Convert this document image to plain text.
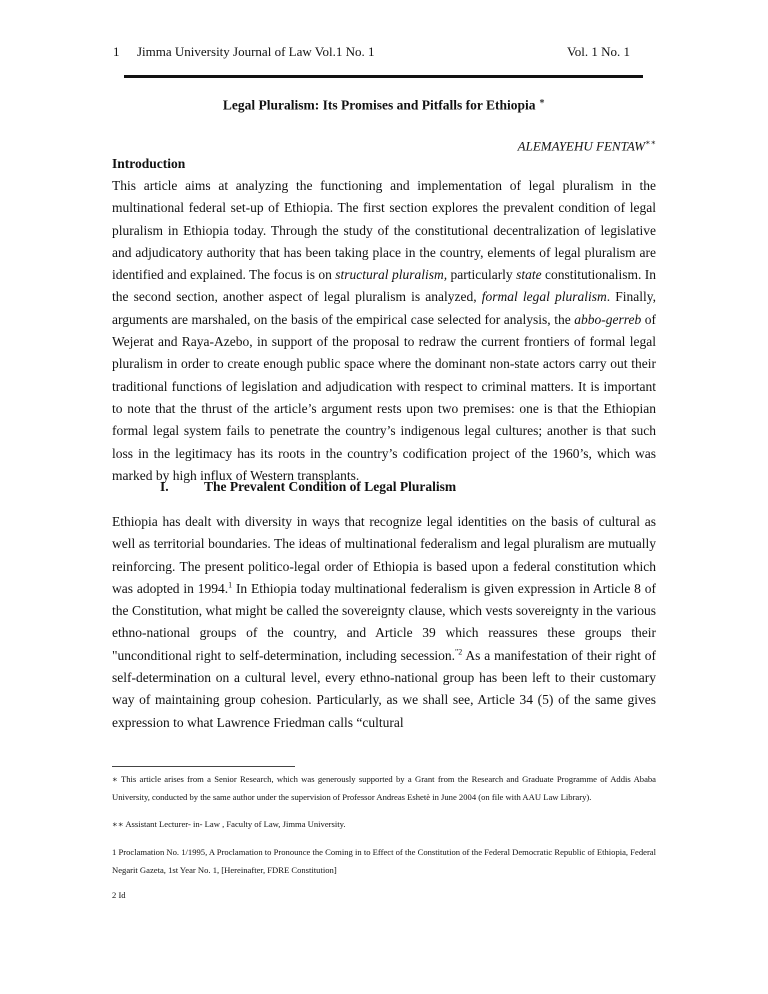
1 Jimma University Journal of Law Vol.1 No. 1	Vol. 1 No. 1
Legal Pluralism: Its Promises and Pitfalls for Ethiopia ∗
ALEMAYEHU FENTAW∗∗
Introduction
This article aims at analyzing the functioning and implementation of legal pluralism in the multinational federal set-up of Ethiopia. The first section explores the prevalent condition of legal pluralism in Ethiopia today. Through the study of the constitutional decentralization of legislative and adjudicatory authority that has been taking place in the country, elements of legal pluralism are identified and explained. The focus is on structural pluralism, particularly state constitutionalism. In the second section, another aspect of legal pluralism is analyzed, formal legal pluralism. Finally, arguments are marshaled, on the basis of the empirical case selected for analysis, the abbo-gerreb of Wejerat and Raya-Azebo, in support of the proposal to redraw the current frontiers of formal legal pluralism in order to create enough public space where the dominant non-state actors carry out their traditional functions of legislation and adjudication with respect to criminal matters. It is important to note that the thrust of the article’s argument rests upon two premises: one is that the Ethiopian formal legal system fails to penetrate the country’s indigenous legal cultures; another is that such loss in the legitimacy has its roots in the country’s codification project of the 1960’s, which was marked by high influx of Western transplants.
I.	The Prevalent Condition of Legal Pluralism
Ethiopia has dealt with diversity in ways that recognize legal identities on the basis of cultural as well as territorial boundaries. The ideas of multinational federalism and legal pluralism are mutually reinforcing. The present politico-legal order of Ethiopia is based upon a federal constitution which was adopted in 1994.$^1$ In Ethiopia today multinational federalism is given expression in Article 8 of the Constitution, what might be called the sovereignty clause, which vests sovereignty in the various ethno-national groups of the country, and Article 39 which reassures these groups their "unconditional right to self-determination, including secession.$^{"2}$ As a manifestation of their right of self-determination on a cultural level, every ethno-national group has been left to their customary way of maintaining group cohesion. Particularly, as we shall see, Article 34 (5) of the same gives expression to what Lawrence Friedman calls “cultural
∗ This article arises from a Senior Research, which was generously supported by a Grant from the Research and Graduate Programme of Addis Ababa University, conducted by the same author under the supervision of Professor Andreas Eshetè in June 2004 (on file with AAU Law Library).
∗∗ Assistant Lecturer- in- Law , Faculty of Law, Jimma University.
1 Proclamation No. 1/1995, A Proclamation to Pronounce the Coming in to Effect of the Constitution of the Federal Democratic Republic of Ethiopia, Federal Negarit Gazeta, 1st Year No. 1, [Hereinafter, FDRE Constitution]
2 Id
